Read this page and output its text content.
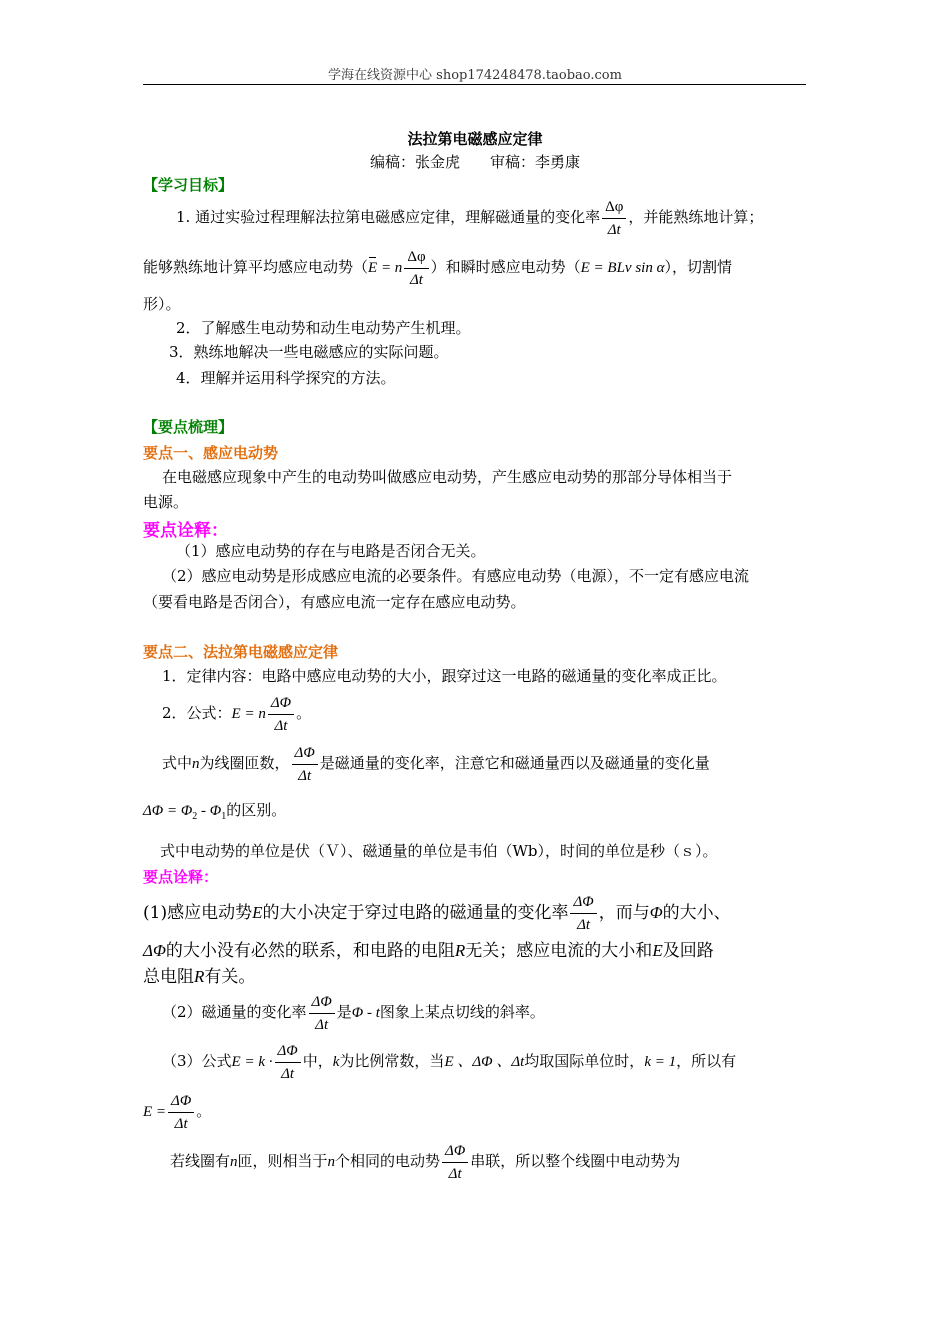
学海在线资源中心 shop174248478.taobao.com
法拉第电磁感应定律
编稿：张金虎　　审稿：李勇康
【学习目标】
1. 通过实验过程理解法拉第电磁感应定律，理解磁通量的变化率 $\frac{\Delta\varphi}{\Delta t}$ ，并能熟练地计算；
能够熟练地计算平均感应电动势（E = n $\frac{\Delta\varphi}{\Delta t}$ ）和瞬时感应电动势（E = BLv sin α），切割情
形）。
2．了解感生电动势和动生电动势产生机理。
3．熟练地解决一些电磁感应的实际问题。
4．理解并运用科学探究的方法。
【要点梳理】
要点一、感应电动势
在电磁感应现象中产生的电动势叫做感应电动势，产生感应电动势的那部分导体相当于
电源。
要点诠释：
（1）感应电动势的存在与电路是否闭合无关。
（2）感应电动势是形成感应电流的必要条件。有感应电动势（电源），不一定有感应电流
（要看电路是否闭合），有感应电流一定存在感应电动势。
要点二、法拉第电磁感应定律
1．定律内容：电路中感应电动势的大小，跟穿过这一电路的磁通量的变化率成正比。
2．公式：E = n $\frac{\Delta\Phi}{\Delta t}$ 。
式中n为线圈匝数， $\frac{\Delta\Phi}{\Delta t}$ 是磁通量的变化率，注意它和磁通量西以及磁通量的变化量
$\Delta\Phi = \Phi_2 - \Phi_1$的区别。
式中电动势的单位是伏（Ｖ）、磁通量的单位是韦伯（Wb），时间的单位是秒（ｓ）。
要点诠释：
(1)感应电动势E的大小决定于穿过电路的磁通量的变化率 $\frac{\Delta\Phi}{\Delta t}$ ，而与Φ的大小、
ΔΦ的大小没有必然的联系，和电路的电阻R无关；感应电流的大小和E及回路
总电阻R有关。
（2）磁通量的变化率 $\frac{\Delta\Phi}{\Delta t}$ 是Φ - t图象上某点切线的斜率。
（3）公式$E = k \cdot \frac{\Delta\Phi}{\Delta t}$ 中，k为比例常数，当E 、ΔΦ 、Δt均取国际单位时，k = 1，所以有
$E = \frac{\Delta\Phi}{\Delta t}$ 。
若线圈有n匝，则相当于n个相同的电动势 $\frac{\Delta\Phi}{\Delta t}$ 串联，所以整个线圈中电动势为
